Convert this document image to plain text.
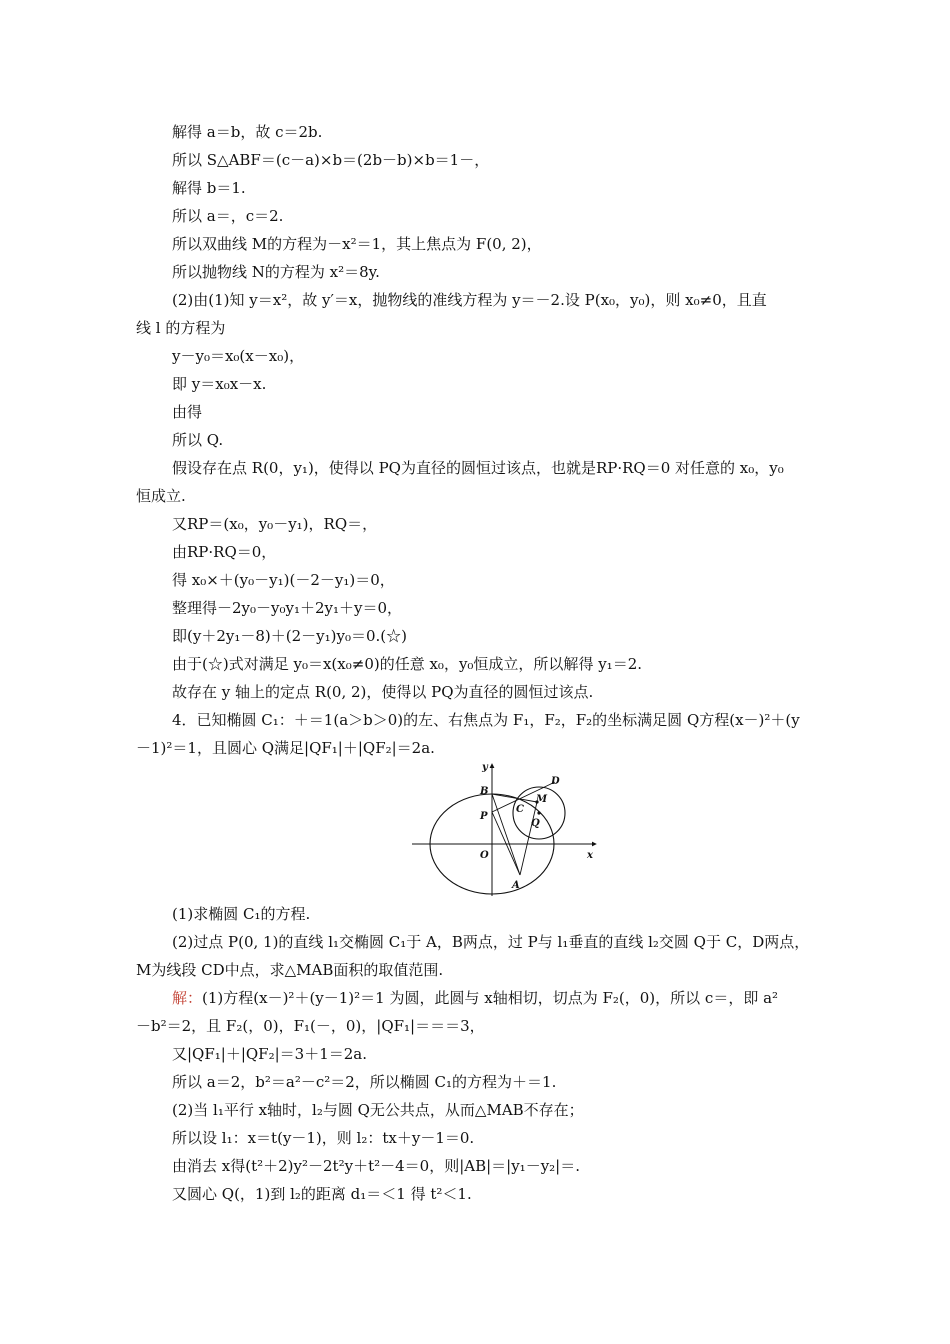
解得 a＝b，故 c＝2b.
所以 S△ABF＝(c－a)×b＝(2b－b)×b＝1－，
解得 b＝1.
所以 a＝，c＝2.
所以双曲线 M的方程为－x²＝1，其上焦点为 F(0, 2)，
所以抛物线 N的方程为 x²＝8y.
(2)由(1)知 y＝x²，故 y′＝x，抛物线的准线方程为 y＝－2.设 P(x₀，y₀)，则 x₀≠0，且直
线 l 的方程为
y－y₀＝x₀(x－x₀)，
即 y＝x₀x－x.
由得
所以 Q.
假设存在点 R(0，y₁)，使得以 PQ为直径的圆恒过该点，也就是RP·RQ＝0 对任意的 x₀，y₀
恒成立.
又RP＝(x₀，y₀－y₁)，RQ＝，
由RP·RQ＝0，
得 x₀×＋(y₀－y₁)(－2－y₁)＝0，
整理得－2y₀－y₀y₁＋2y₁＋y＝0，
即(y＋2y₁－8)＋(2－y₁)y₀＝0.(☆)
由于(☆)式对满足 y₀＝x(x₀≠0)的任意 x₀，y₀恒成立，所以解得 y₁＝2.
故存在 y 轴上的定点 R(0, 2)，使得以 PQ为直径的圆恒过该点.
4．已知椭圆 C₁：＋＝1(a＞b＞0)的左、右焦点为 F₁，F₂，F₂的坐标满足圆 Q方程(x－)²＋(y
－1)²＝1，且圆心 Q满足|QF₁|＋|QF₂|＝2a.
y
x
O
B
P
C
M
Q
D
A
(1)求椭圆 C₁的方程.
(2)过点 P(0, 1)的直线 l₁交椭圆 C₁于 A，B两点，过 P与 l₁垂直的直线 l₂交圆 Q于 C，D两点，
M为线段 CD中点，求△MAB面积的取值范围.
解：(1)方程(x－)²＋(y－1)²＝1 为圆，此圆与 x轴相切，切点为 F₂(，0)，所以 c＝，即 a²
－b²＝2，且 F₂(，0)，F₁(－，0)，|QF₁|＝＝＝3，
又|QF₁|＋|QF₂|＝3＋1＝2a.
所以 a＝2，b²＝a²－c²＝2，所以椭圆 C₁的方程为＋＝1.
(2)当 l₁平行 x轴时，l₂与圆 Q无公共点，从而△MAB不存在；
所以设 l₁：x＝t(y－1)，则 l₂：tx＋y－1＝0.
由消去 x得(t²＋2)y²－2t²y＋t²－4＝0，则|AB|＝|y₁－y₂|＝.
又圆心 Q(，1)到 l₂的距离 d₁＝＜1 得 t²＜1.
